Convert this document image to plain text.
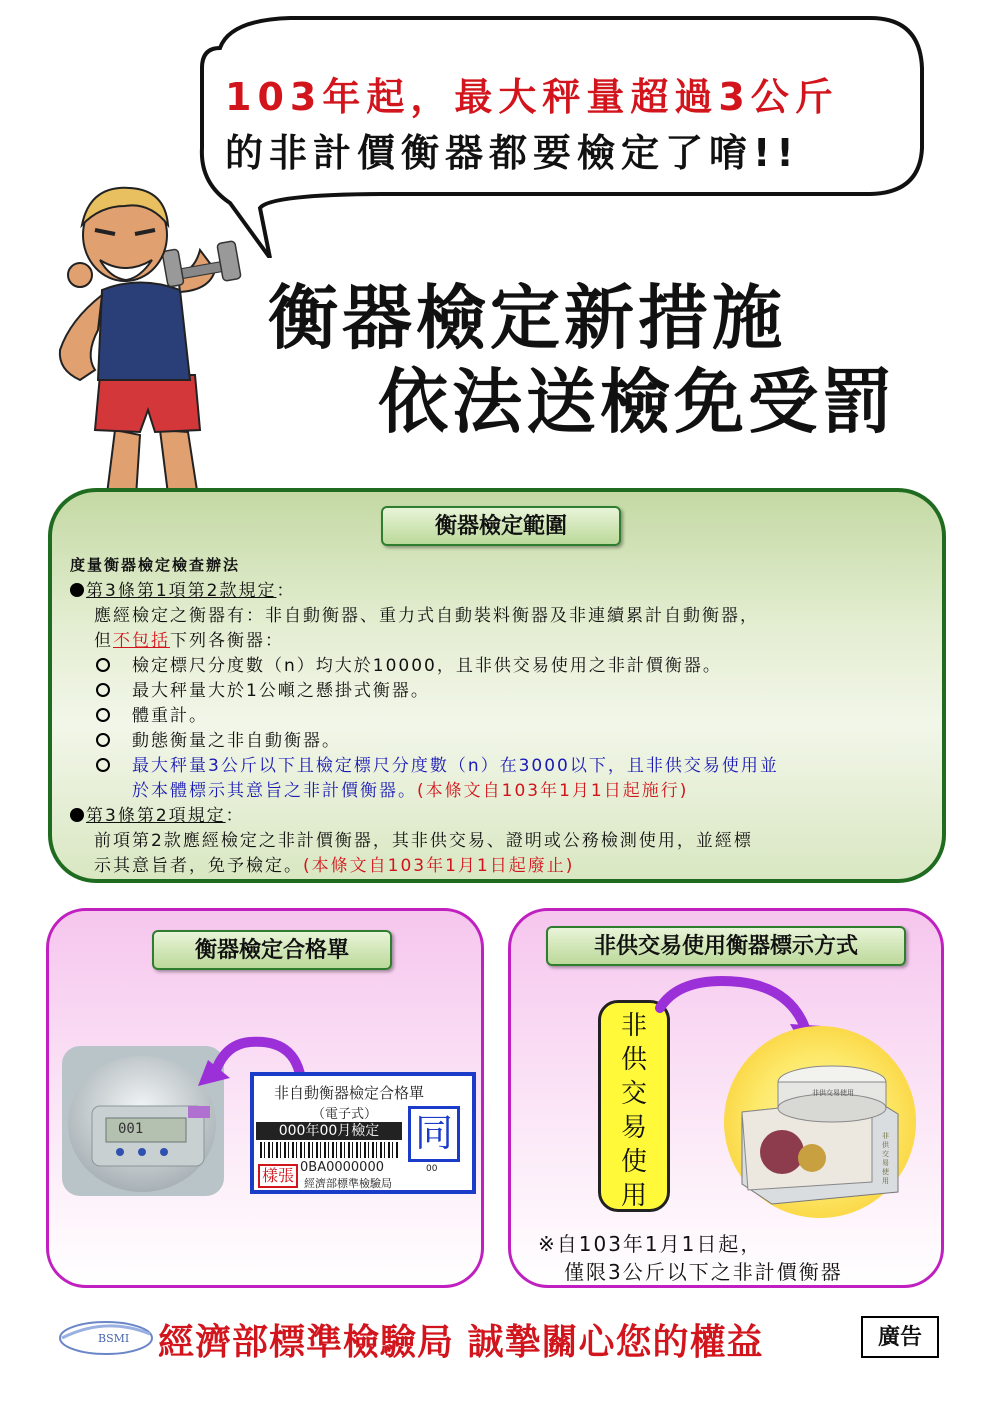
103年起，最大秤量超過3公斤
的非計價衡器都要檢定了唷!!
衡器檢定新措施
依法送檢免受罰
衡器檢定範圍
度量衡器檢定檢查辦法
第3條第1項第2款規定：
應經檢定之衡器有：非自動衡器、重力式自動裝料衡器及非連續累計自動衡器，
但不包括下列各衡器：
檢定標尺分度數（n）均大於10000，且非供交易使用之非計價衡器。
最大秤量大於1公噸之懸掛式衡器。
體重計。
動態衡量之非自動衡器。
最大秤量3公斤以下且檢定標尺分度數（n）在3000以下，且非供交易使用並
於本體標示其意旨之非計價衡器。(本條文自103年1月1日起施行)
第3條第2項規定：
前項第2款應經檢定之非計價衡器，其非供交易、證明或公務檢測使用，並經標
示其意旨者，免予檢定。(本條文自103年1月1日起廢止)
衡器檢定合格單
001
非自動衡器檢定合格單
（電子式）
000年00月檢定 同
0BA0000000	00
樣張 經濟部標準檢驗局
非供交易使用衡器標示方式
非
供
交
易
使
用
非供交易使用
非供交易使用
※自103年1月1日起，
僅限3公斤以下之非計價衡器
BSMI 經濟部標準檢驗局 誠摯關心您的權益	廣告
